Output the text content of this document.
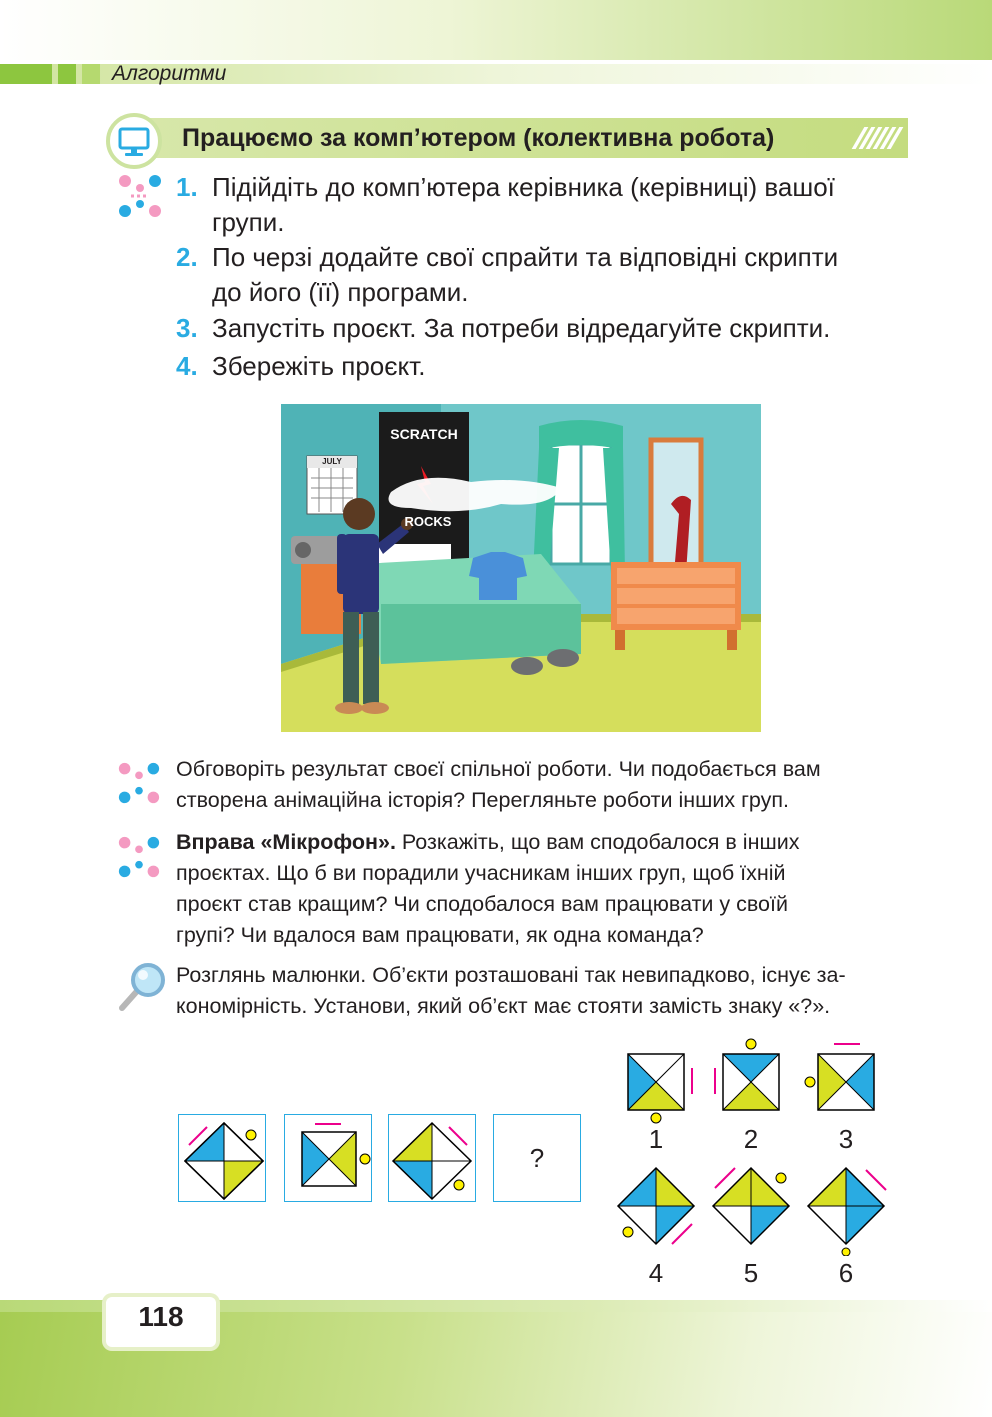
Алгоритми
Працюємо за комп’ютером (колективна робота)
1. Підійдіть до комп’ютера керівника (керівниці) вашої
групи.
2. По черзі додайте свої спрайти та відповідні скрипти
до його (її) програми.
3. Запустіть проєкт. За потреби відредагуйте скрипти.
4. Збережіть проєкт.
JULY
SCRATCH
ROCKS
Обговоріть результат своєї спільної роботи. Чи подобається вам
створена анімаційна історія? Перегляньте роботи інших груп.
Вправа «Мікрофон». Розкажіть, що вам сподобалося в інших
проєктах. Що б ви порадили учасникам інших груп, щоб їхній
проєкт став кращим? Чи сподобалося вам працювати у своїй
групі? Чи вдалося вам працювати, як одна команда?
Розглянь малюнки. Об’єкти розташовані так невипадково, існує за-
кономірність. Установи, який об’єкт має стояти замість знаку «?».
?
1	2	3
4	5	6
118
